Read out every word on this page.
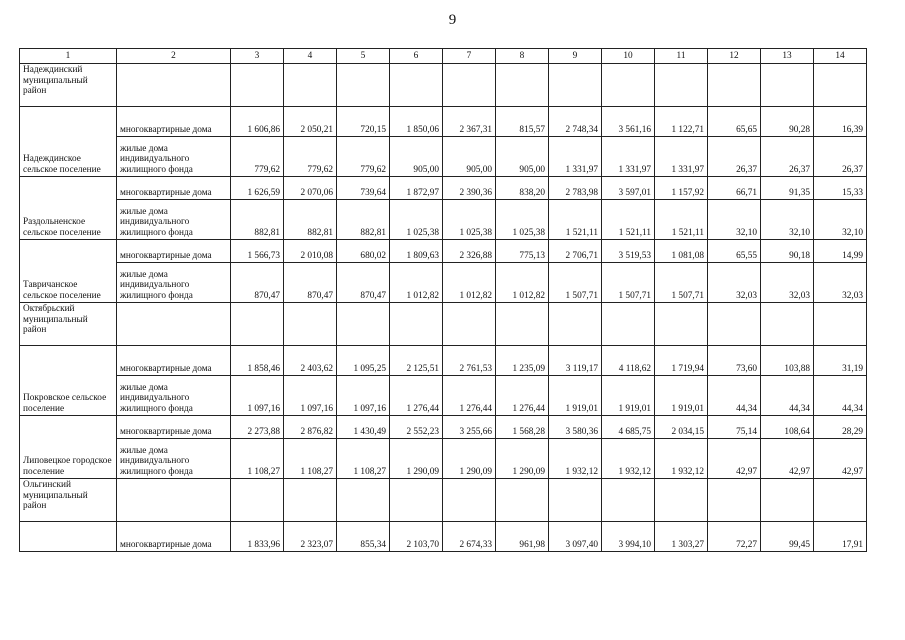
9
1	2	3	4	5	6	7	8	9	10	11	12	13	14
Надеждинский муниципальный район													
Надеждинское сельское поселение	многоквартирные дома	1 606,86	2 050,21	720,15	1 850,06	2 367,31	815,57	2 748,34	3 561,16	1 122,71	65,65	90,28	16,39
	жилые дома индивидуального жилищного фонда	779,62	779,62	779,62	905,00	905,00	905,00	1 331,97	1 331,97	1 331,97	26,37	26,37	26,37
Раздольненское сельское поселение	многоквартирные дома	1 626,59	2 070,06	739,64	1 872,97	2 390,36	838,20	2 783,98	3 597,01	1 157,92	66,71	91,35	15,33
	жилые дома индивидуального жилищного фонда	882,81	882,81	882,81	1 025,38	1 025,38	1 025,38	1 521,11	1 521,11	1 521,11	32,10	32,10	32,10
Тавричанское сельское поселение	многоквартирные дома	1 566,73	2 010,08	680,02	1 809,63	2 326,88	775,13	2 706,71	3 519,53	1 081,08	65,55	90,18	14,99
	жилые дома индивидуального жилищного фонда	870,47	870,47	870,47	1 012,82	1 012,82	1 012,82	1 507,71	1 507,71	1 507,71	32,03	32,03	32,03
Октябрьский муниципальный район													
Покровское сельское поселение	многоквартирные дома	1 858,46	2 403,62	1 095,25	2 125,51	2 761,53	1 235,09	3 119,17	4 118,62	1 719,94	73,60	103,88	31,19
	жилые дома индивидуального жилищного фонда	1 097,16	1 097,16	1 097,16	1 276,44	1 276,44	1 276,44	1 919,01	1 919,01	1 919,01	44,34	44,34	44,34
Липовецкое городское поселение	многоквартирные дома	2 273,88	2 876,82	1 430,49	2 552,23	3 255,66	1 568,28	3 580,36	4 685,75	2 034,15	75,14	108,64	28,29
	жилые дома индивидуального жилищного фонда	1 108,27	1 108,27	1 108,27	1 290,09	1 290,09	1 290,09	1 932,12	1 932,12	1 932,12	42,97	42,97	42,97
Ольгинский муниципальный район													
	многоквартирные дома	1 833,96	2 323,07	855,34	2 103,70	2 674,33	961,98	3 097,40	3 994,10	1 303,27	72,27	99,45	17,91
